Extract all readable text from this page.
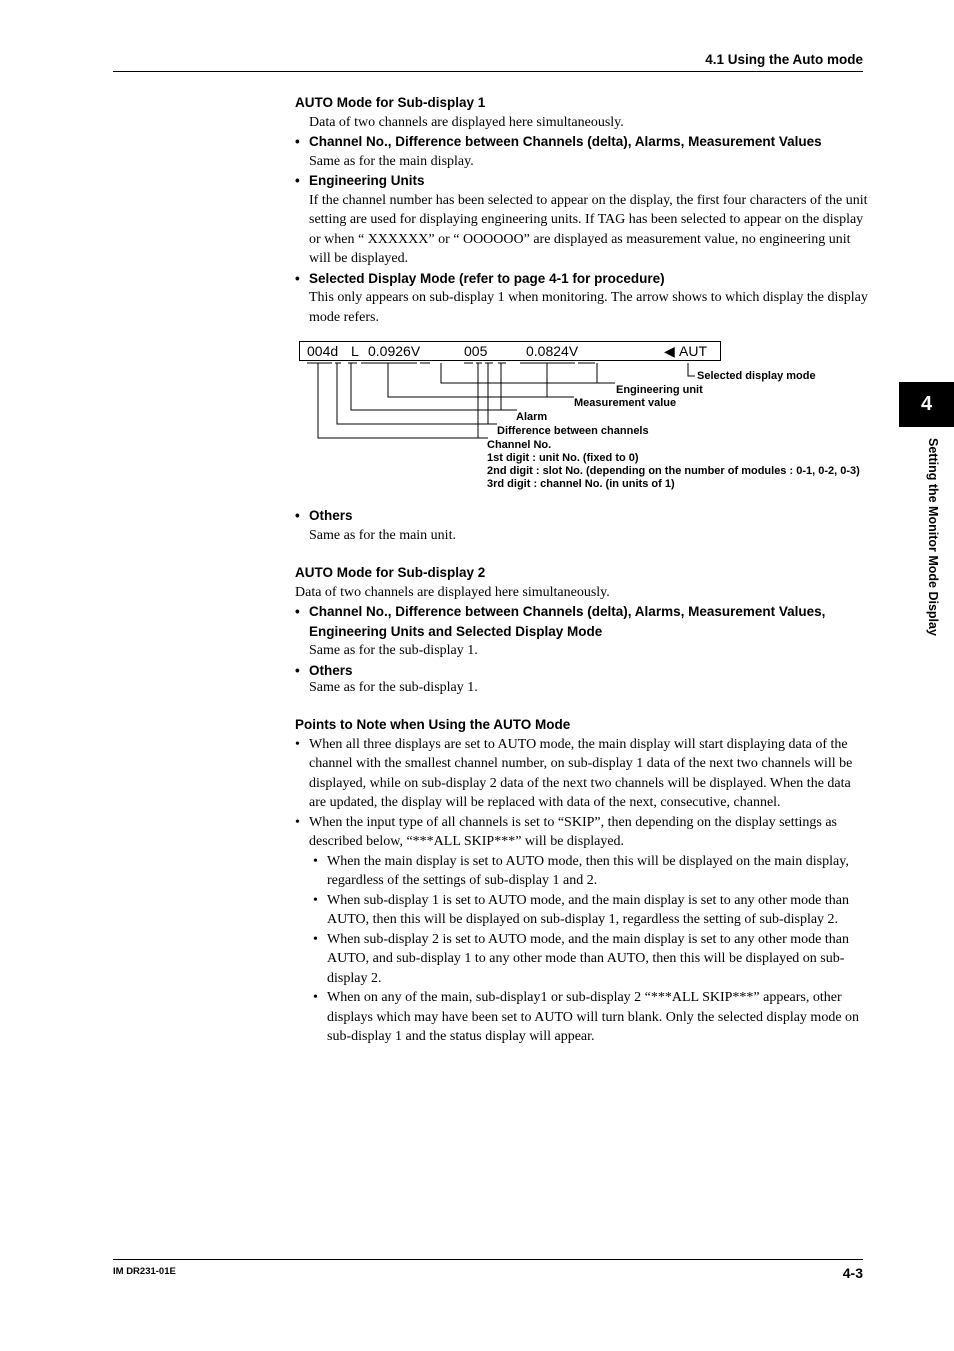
4.1 Using the Auto mode
4
Setting the Monitor Mode Display
AUTO Mode for Sub-display 1
Data of two channels are displayed here simultaneously.
• Channel No., Difference between Channels (delta), Alarms, Measurement Values
Same as for the main display.
• Engineering Units
If the channel number has been selected to appear on the display, the first four characters of the unit setting are used for displaying engineering units. If TAG has been selected to appear on the display or when “ XXXXXX” or “ OOOOOO” are displayed as measurement value, no engineering unit will be displayed.
• Selected Display Mode (refer to page 4-1 for procedure)
This only appears on sub-display 1 when monitoring. The arrow shows to which display the display mode refers.
004d L 0.0926V	005	0.0824V	◀ AUT
Selected display mode
Engineering unit
Measurement value
Alarm
Difference between channels
Channel No.
1st digit : unit No. (fixed to 0)
2nd digit : slot No. (depending on the number of modules : 0-1, 0-2, 0-3)
3rd digit : channel No. (in units of 1)
• Others
Same as for the main unit.
AUTO Mode for Sub-display 2
Data of two channels are displayed here simultaneously.
• Channel No., Difference between Channels (delta), Alarms, Measurement Values, Engineering Units and Selected Display Mode
Same as for the sub-display 1.
• Others
Same as for the sub-display 1.
Points to Note when Using the AUTO Mode
• When all three displays are set to AUTO mode, the main display will start displaying data of the channel with the smallest channel number, on sub-display 1 data of the next two channels will be displayed, while on sub-display 2 data of the next two channels will be displayed. When the data are updated, the display will be replaced with data of the next, consecutive, channel.
• When the input type of all channels is set to “SKIP”, then depending on the display settings as described below, “***ALL SKIP***” will be displayed.
• When the main display is set to AUTO mode, then this will be displayed on the main display, regardless of the settings of sub-display 1 and 2.
• When sub-display 1 is set to AUTO mode, and the main display is set to any other mode than AUTO, then this will be displayed on sub-display 1, regardless the setting of sub-display 2.
• When sub-display 2 is set to AUTO mode, and the main display is set to any other mode than AUTO, and sub-display 1 to any other mode than AUTO, then this will be displayed on sub-display 2.
• When on any of the main, sub-display1 or sub-display 2 “***ALL SKIP***” appears, other displays which may have been set to AUTO will turn blank. Only the selected display mode on sub-display 1 and the status display will appear.
IM DR231-01E	4-3
